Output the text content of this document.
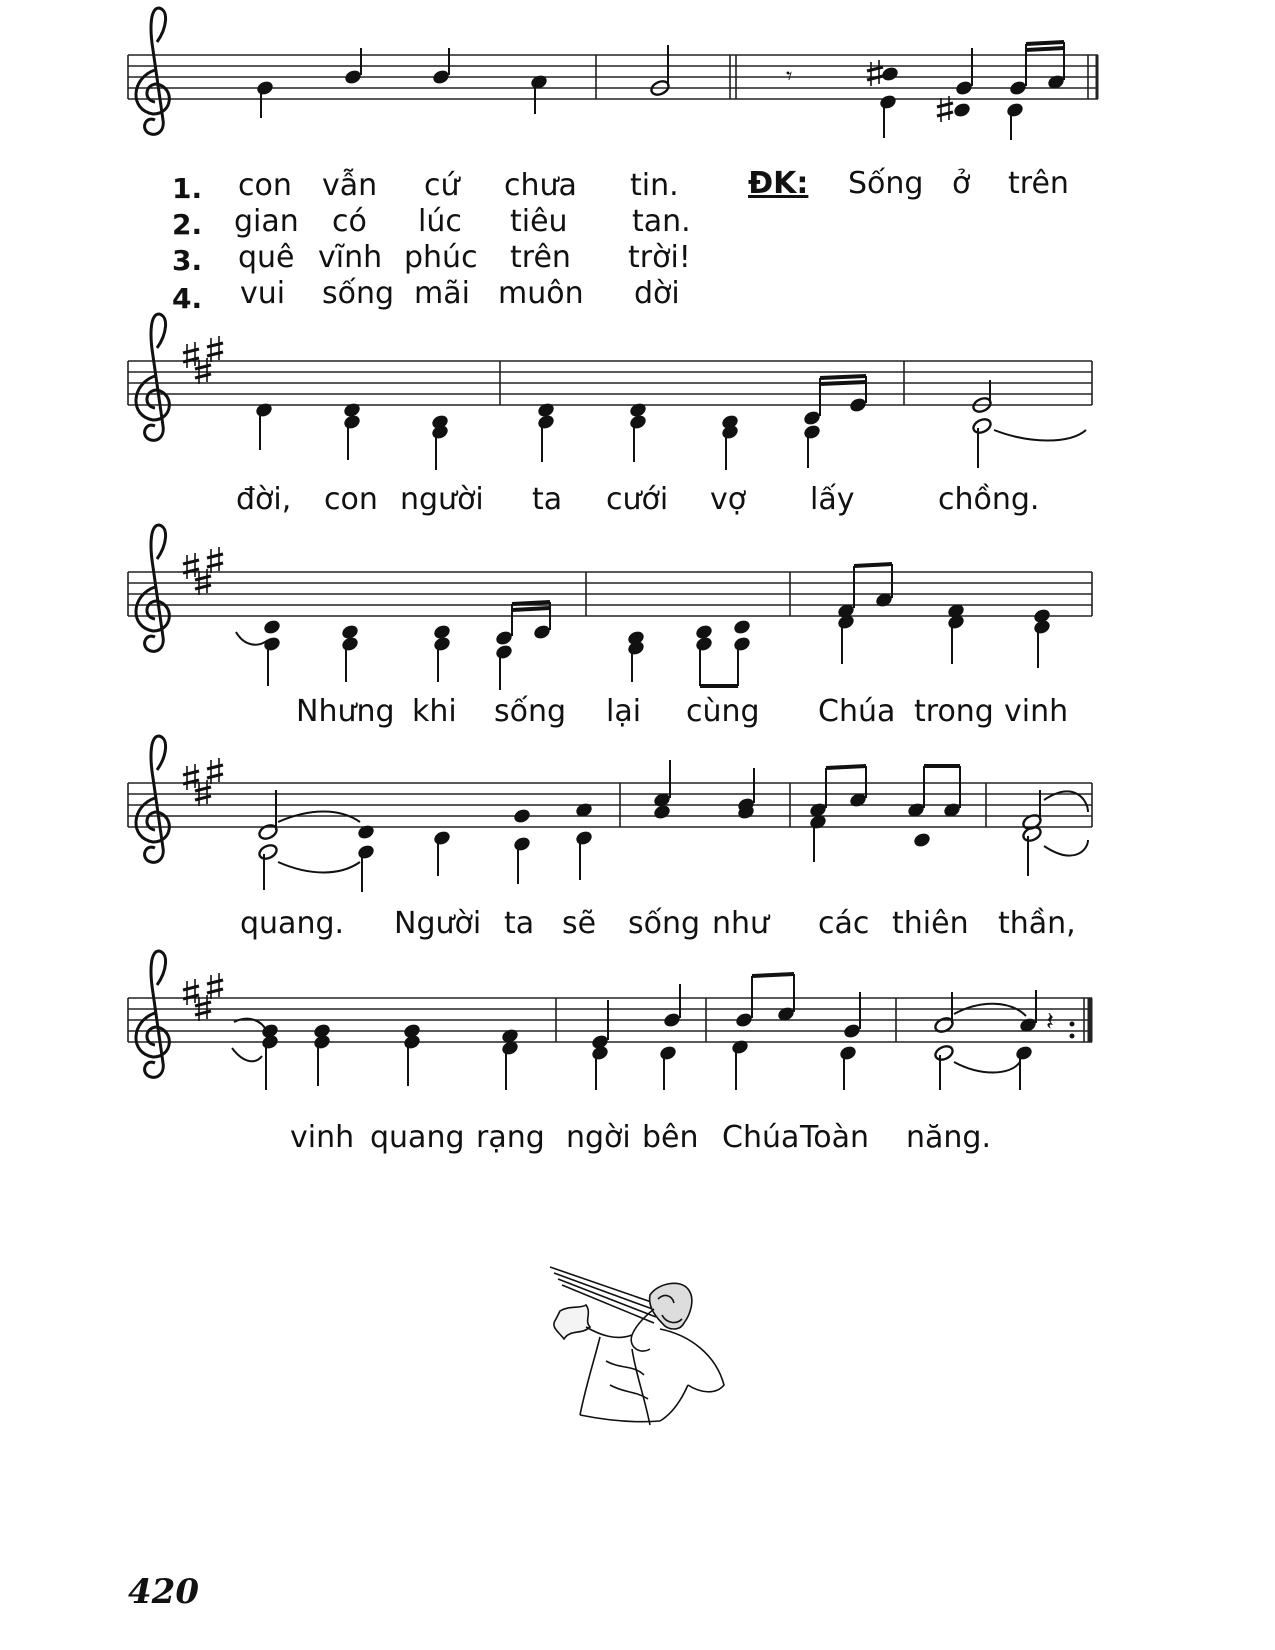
𝄾
𝄽
1. con vẫn cứ chưa tin.
2. gian có lúc tiêu tan.
3. quê vĩnh phúc trên trời!
4. vui sống mãi muôn dời
ĐK: Sống ở trên
đời, con người ta cưới vợ lấy	chồng.
Nhưng khi sống lại cùng Chúa trong vinh
quang. Người ta sẽ sống như các thiên thần,
vinh quang rạng ngời bên Chúa Toàn năng.
420
